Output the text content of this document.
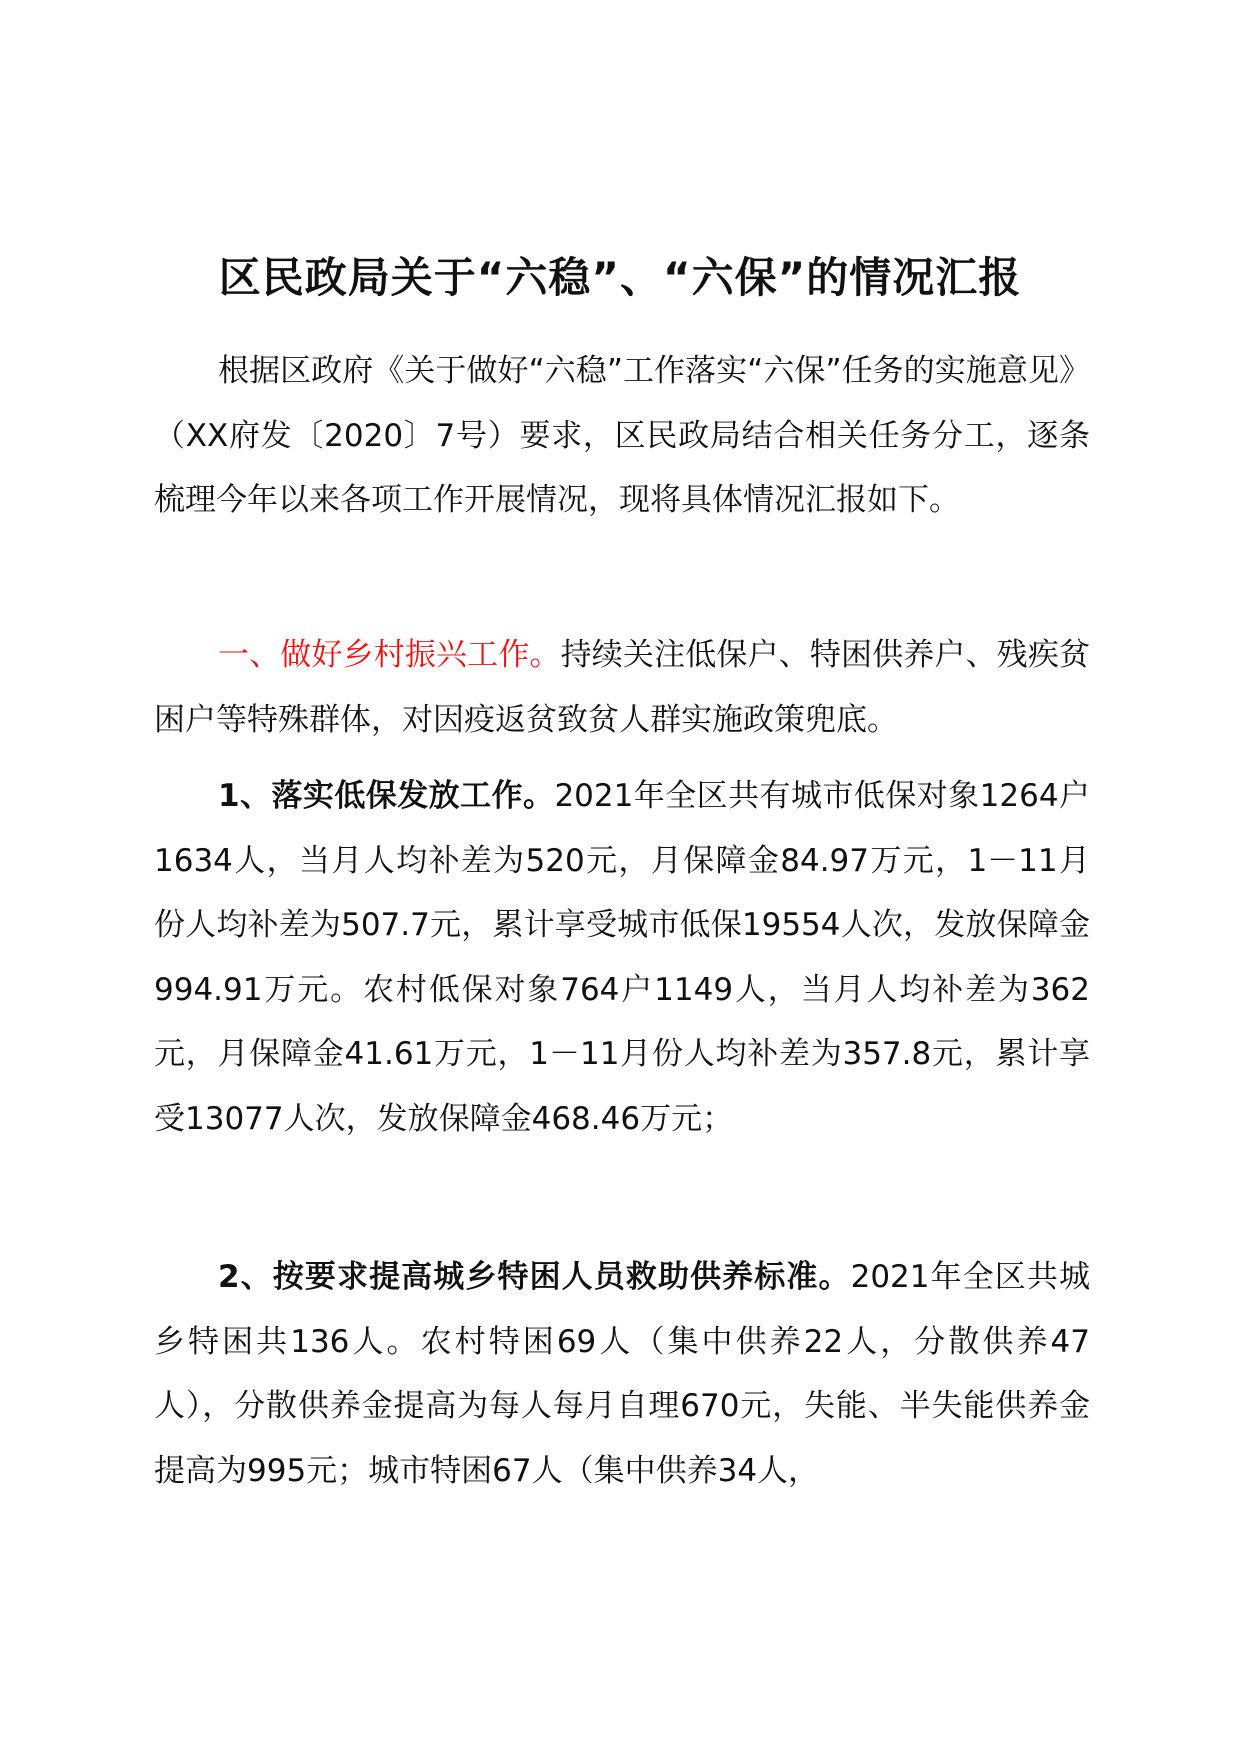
区民政局关于“六稳”、“六保”的情况汇报

根据区政府《关于做好“六稳”工作落实“六保”任务的实施意见》（XX府发〔2020〕7号）要求，区民政局结合相关任务分工，逐条梳理今年以来各项工作开展情况，现将具体情况汇报如下。

一、做好乡村振兴工作。持续关注低保户、特困供养户、残疾贫困户等特殊群体，对因疫返贫致贫人群实施政策兜底。

1、落实低保发放工作。2021年全区共有城市低保对象1264户1634人，当月人均补差为520元，月保障金84.97万元，1－11月份人均补差为507.7元，累计享受城市低保19554人次，发放保障金994.91万元。农村低保对象764户1149人，当月人均补差为362元，月保障金41.61万元，1－11月份人均补差为357.8元，累计享受13077人次，发放保障金468.46万元；

2、按要求提高城乡特困人员救助供养标准。2021年全区共城乡特困共136人。农村特困69人（集中供养22人，分散供养47人），分散供养金提高为每人每月自理670元，失能、半失能供养金提高为995元；城市特困67人（集中供养34人，
